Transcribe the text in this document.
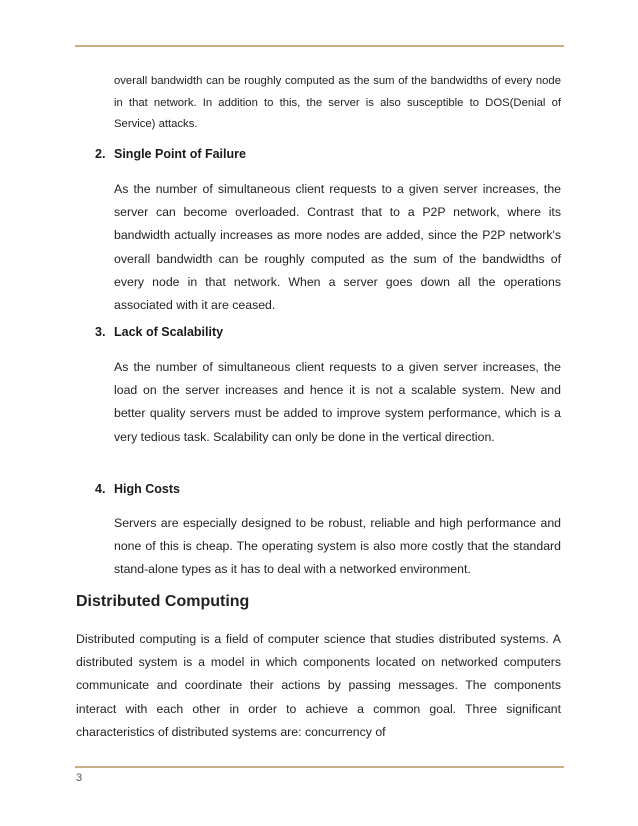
overall bandwidth can be roughly computed as the sum of the bandwidths of every node in that network. In addition to this, the server is also susceptible to DOS(Denial of Service) attacks.
2. Single Point of Failure
As the number of simultaneous client requests to a given server increases, the server can become overloaded. Contrast that to a P2P network, where its bandwidth actually increases as more nodes are added, since the P2P network's overall bandwidth can be roughly computed as the sum of the bandwidths of every node in that network. When a server goes down all the operations associated with it are ceased.
3. Lack of Scalability
As the number of simultaneous client requests to a given server increases, the load on the server increases and hence it is not a scalable system. New and better quality servers must be added to improve system performance, which is a very tedious task. Scalability can only be done in the vertical direction.
4. High Costs
Servers are especially designed to be robust, reliable and high performance and none of this is cheap. The operating system is also more costly that the standard stand-alone types as it has to deal with a networked environment.
Distributed Computing
Distributed computing is a field of computer science that studies distributed systems. A distributed system is a model in which components located on networked computers communicate and coordinate their actions by passing messages. The components interact with each other in order to achieve a common goal. Three significant characteristics of distributed systems are: concurrency of
3
